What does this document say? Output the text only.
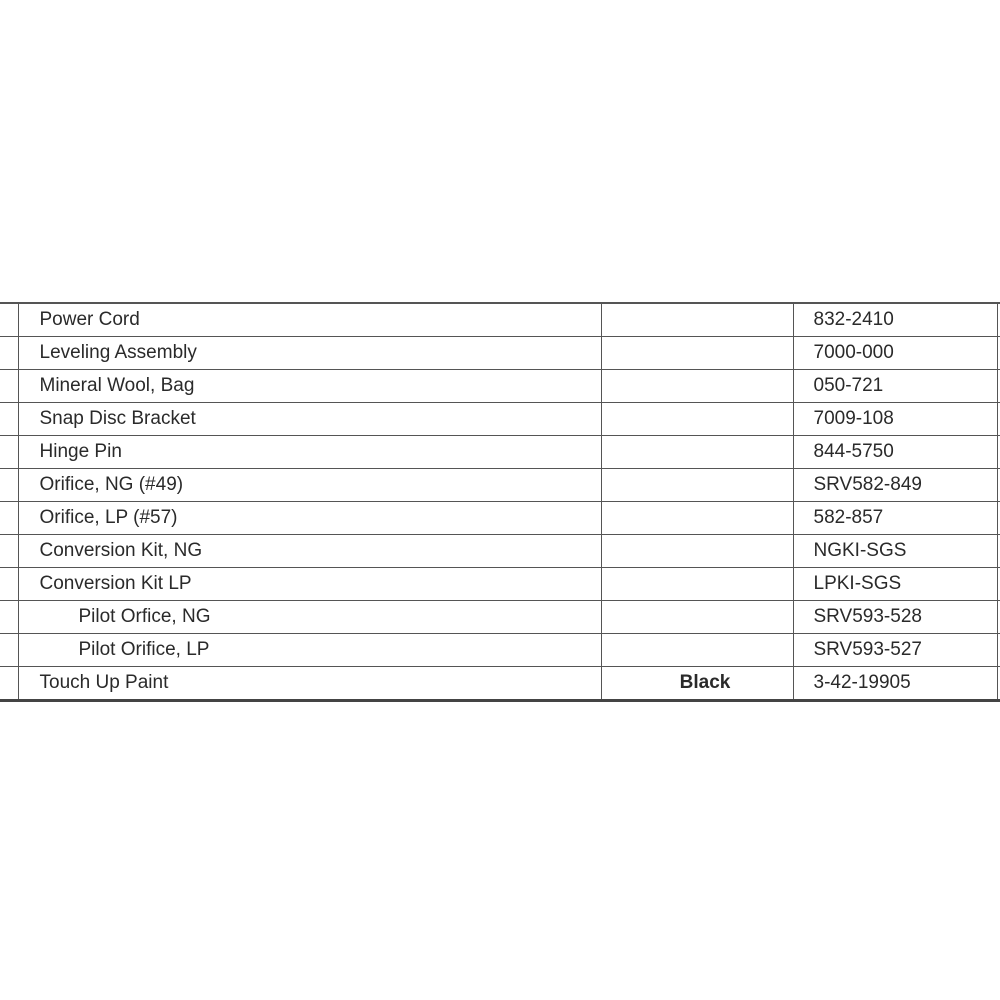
	Power Cord		832-2410	
	Leveling Assembly		7000-000	
	Mineral Wool, Bag		050-721	
	Snap Disc Bracket		7009-108	
	Hinge Pin		844-5750	
	Orifice, NG (#49)		SRV582-849	
	Orifice, LP (#57)		582-857	
	Conversion Kit, NG		NGKI-SGS	
	Conversion Kit LP		LPKI-SGS	
	Pilot Orfice, NG		SRV593-528	
	Pilot Orifice, LP		SRV593-527	
	Touch Up Paint	Black	3-42-19905	
